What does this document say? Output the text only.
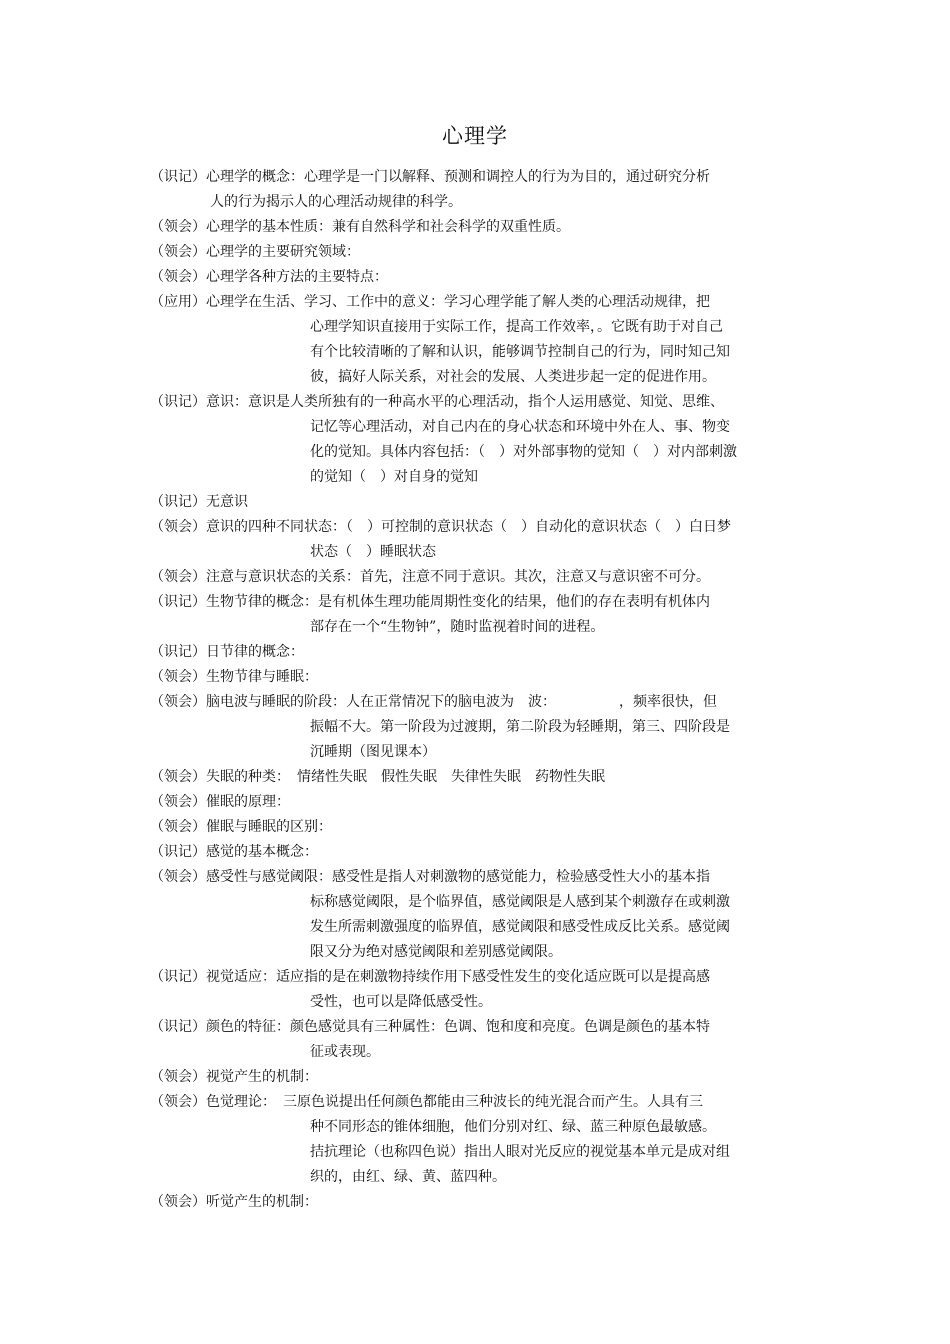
心理学
（识记）心理学的概念：心理学是一门以解释、预测和调控人的行为为目的，通过研究分析
人的行为揭示人的心理活动规律的科学。
（领会）心理学的基本性质：兼有自然科学和社会科学的双重性质。
（领会）心理学的主要研究领域：
（领会）心理学各种方法的主要特点：
（应用）心理学在生活、学习、工作中的意义：学习心理学能了解人类的心理活动规律，把
心理学知识直接用于实际工作，提高工作效率，。它既有助于对自己
有个比较清晰的了解和认识，能够调节控制自己的行为，同时知己知
彼，搞好人际关系，对社会的发展、人类进步起一定的促进作用。
（识记）意识：意识是人类所独有的一种高水平的心理活动，指个人运用感觉、知觉、思维、
记忆等心理活动，对自己内在的身心状态和环境中外在人、事、物变
化的觉知。具体内容包括：（　）对外部事物的觉知（　）对内部刺激
的觉知（　）对自身的觉知
（识记）无意识
（领会）意识的四种不同状态：（　）可控制的意识状态（　）自动化的意识状态（　）白日梦
状态（　）睡眠状态
（领会）注意与意识状态的关系：首先，注意不同于意识。其次，注意又与意识密不可分。
（识记）生物节律的概念：是有机体生理功能周期性变化的结果，他们的存在表明有机体内
部存在一个“生物钟”，随时监视着时间的进程。
（识记）日节律的概念：
（领会）生物节律与睡眠：
（领会）脑电波与睡眠的阶段：人在正常情况下的脑电波为　波：　　　　　，频率很快，但
振幅不大。第一阶段为过渡期，第二阶段为轻睡期，第三、四阶段是
沉睡期（图见课本）
（领会）失眠的种类：　情绪性失眠　假性失眠　失律性失眠　药物性失眠
（领会）催眠的原理：
（领会）催眠与睡眠的区别：
（识记）感觉的基本概念：
（领会）感受性与感觉阈限：感受性是指人对刺激物的感觉能力，检验感受性大小的基本指
标称感觉阈限，是个临界值，感觉阈限是人感到某个刺激存在或刺激
发生所需刺激强度的临界值，感觉阈限和感受性成反比关系。感觉阈
限又分为绝对感觉阈限和差别感觉阈限。
（识记）视觉适应：适应指的是在刺激物持续作用下感受性发生的变化适应既可以是提高感
受性，也可以是降低感受性。
（识记）颜色的特征：颜色感觉具有三种属性：色调、饱和度和亮度。色调是颜色的基本特
征或表现。
（领会）视觉产生的机制：
（领会）色觉理论：　三原色说提出任何颜色都能由三种波长的纯光混合而产生。人具有三
种不同形态的锥体细胞，他们分别对红、绿、蓝三种原色最敏感。
拮抗理论（也称四色说）指出人眼对光反应的视觉基本单元是成对组
织的，由红、绿、黄、蓝四种。
（领会）听觉产生的机制：
